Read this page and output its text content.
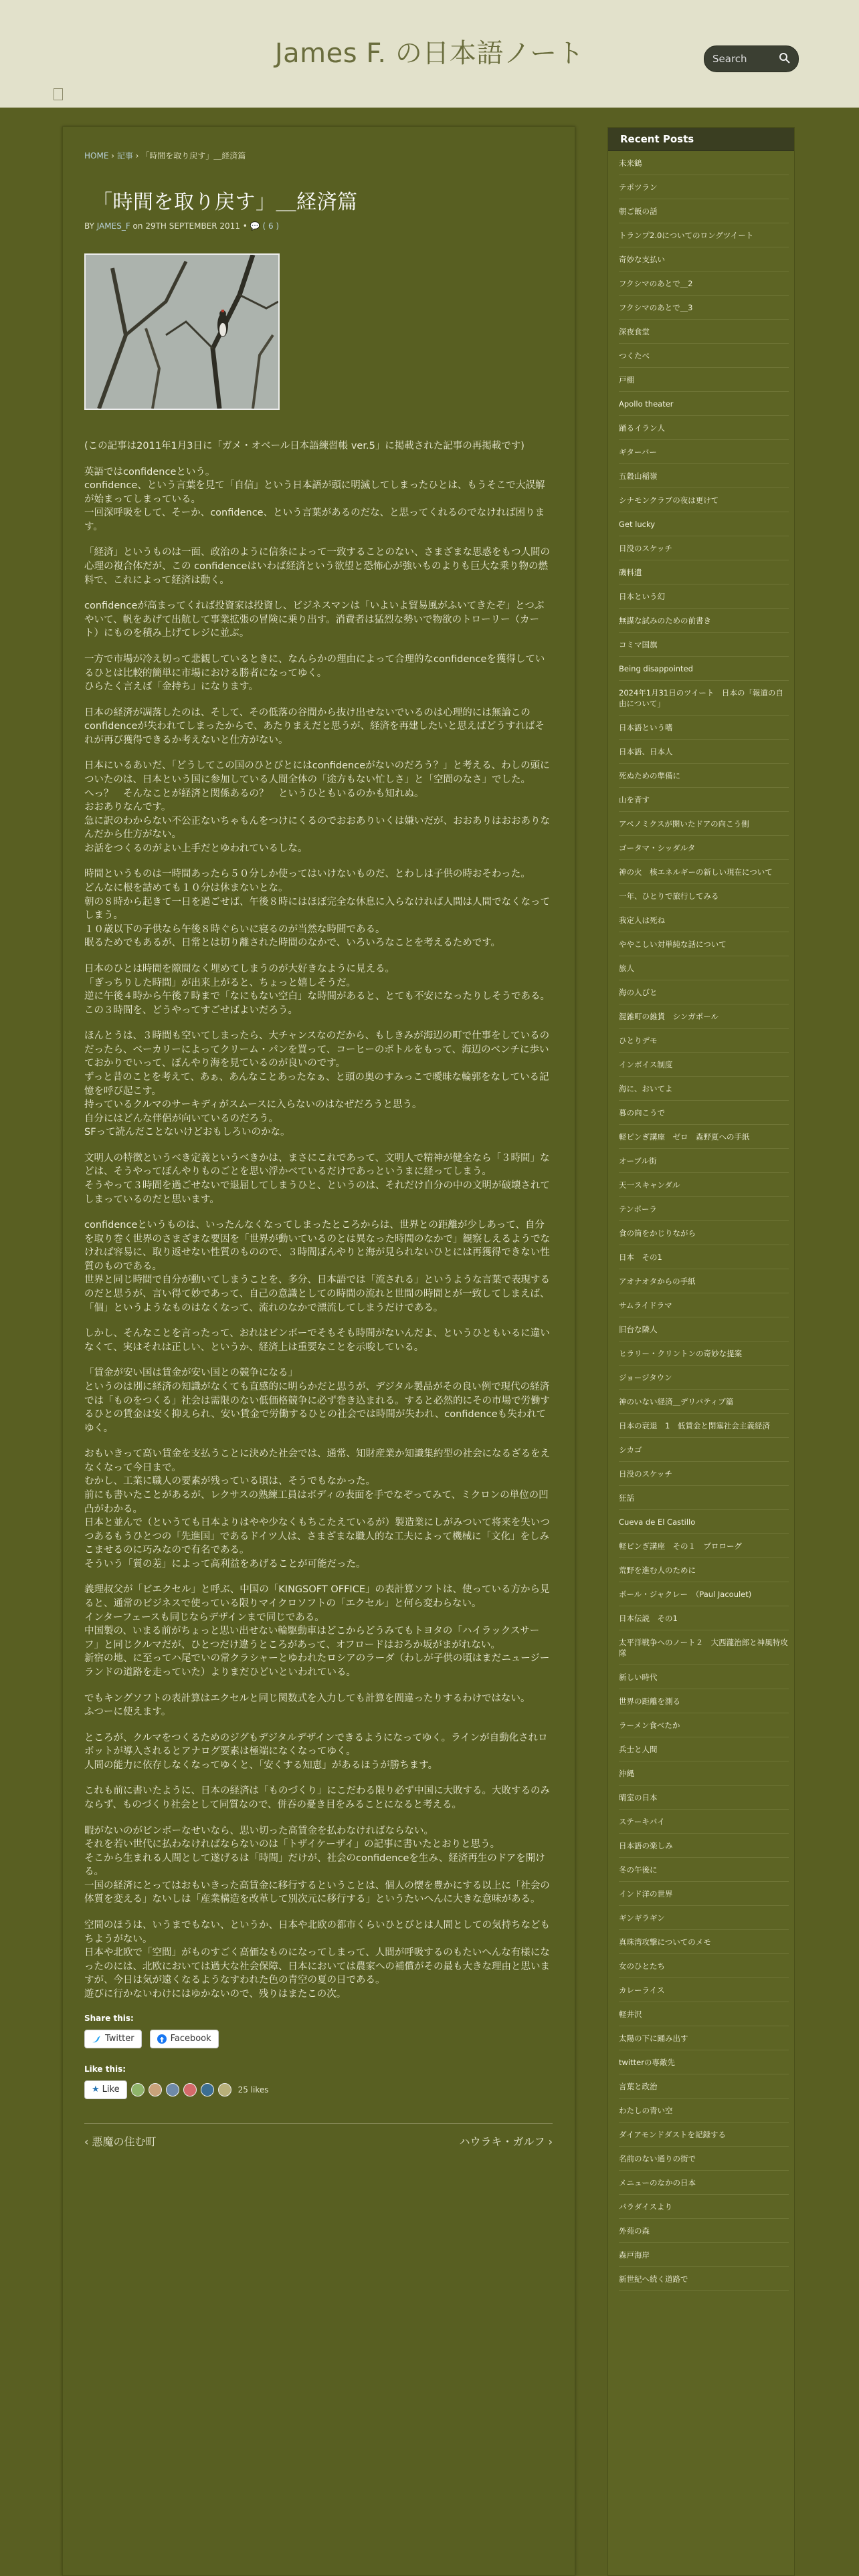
James F. の日本語ノート
Search
HOME › 記事 › 「時間を取り戻す」＿経済篇
「時間を取り戻す」＿経済篇
BY JAMES_F on 29TH SEPTEMBER 2011 • 💬 ( 6 )

(この記事は2011年1月3日に「ガメ・オベール日本語練習帳 ver.5」に掲載された記事の再掲載です)

英語ではconfidenceという。
confidence、という言葉を見て「自信」という日本語が頭に明滅してしまったひとは、もうそこで大誤解が始まってしまっている。
一回深呼吸をして、そーか、confidence、という言葉があるのだな、と思ってくれるのでなければ困ります。

「経済」というものは一面、政治のように信条によって一致することのない、さまざまな思惑をもつ人間の心理の複合体だが、この confidenceはいわば経済という欲望と恐怖心が強いものよりも巨大な乗り物の燃料で、これによって経済は動く。

confidenceが高まってくれば投資家は投資し、ビジネスマンは「いよいよ貿易風がふいてきたぞ」とつぶやいて、帆をあげて出航して事業拡張の冒険に乗り出す。消費者は猛烈な勢いで物欲のトローリー（カート）にものを積み上げてレジに並ぶ。

一方で市場が冷え切って悲観しているときに、なんらかの理由によって合理的なconfidenceを獲得しているひとは比較的簡単に市場における勝者になってゆく。
ひらたく言えば「金持ち」になります。

日本の経済が凋落したのは、そして、その低落の谷間から抜け出せないでいるのは心理的には無論このconfidenceが失われてしまったからで、あたりまえだと思うが、経済を再建したいと思えばどうすればそれが再び獲得できるか考えないと仕方がない。

日本にいるあいだ、「どうしてこの国のひとびとにはconfidenceがないのだろう？」と考える、わしの頭についたのは、日本という国に参加している人間全体の「途方もない忙しさ」と「空間のなさ」でした。
へっ？　そんなことが経済と関係あるの？　というひともいるのかも知れぬ。
おおありなんです。
急に訳のわからない不公正ないちゃもんをつけにくるのでおおありいくは嫌いだが、おおありはおおありなんだから仕方がない。
お話をつくるのがよい上手だとゆわれているしな。

時間というものは一時間あったら５０分しか使ってはいけないものだ、とわしは子供の時おそわった。
どんなに根を詰めても１０分は休まないとな。
朝の８時から起きて一日を過ごせば、午後８時にはほぼ完全な休息に入らなければ人間は人間でなくなってしまう。
１０歳以下の子供なら午後８時ぐらいに寝るのが当然な時間である。
眠るためでもあるが、日常とは切り離された時間のなかで、いろいろなことを考えるためです。

日本のひとは時間を隙間なく埋めてしまうのが大好きなように見える。
「ぎっちりした時間」が出来上がると、ちょっと嬉しそうだ。
逆に午後４時から午後７時まで「なにもない空白」な時間があると、とても不安になったりしそうである。
この３時間を、どうやってすごせばよいだろう。

ほんとうは、３時間も空いてしまったら、大チャンスなのだから、もしきみが海辺の町で仕事をしているのだったら、ベーカリーによってクリーム・パンを買って、コーヒーのボトルをもって、海辺のベンチに歩いておかりでいって、ぼんやり海を見ているのが良いのです。
ずっと昔のことを考えて、あぁ、あんなことあったなぁ、と頭の奥のすみっこで曖昧な輪郭をなしている記憶を呼び起こす。
持っているクルマのサーキディがスムースに入らないのはなぜだろうと思う。
自分にはどんな伴侶が向いているのだろう。
SFって読んだことないけどおもしろいのかな。

文明人の特徴というべき定義というべきかは、まさにこれであって、文明人で精神が健全なら「３時間」などは、そうやってぼんやりものごとを思い浮かべているだけであっというまに経ってしまう。
そうやって３時間を過ごせないで退屈してしまうひと、というのは、それだけ自分の中の文明が破壊されてしまっているのだと思います。

confidenceというものは、いったんなくなってしまったところからは、世界との距離が少しあって、自分を取り巻く世界のさまざまな要因を「世界が動いているのとは異なった時間のなかで」観察しえるようでなければ容易に、取り返せない性質のものので、３時間ぼんやりと海が見られないひとには再獲得できない性質のものである。
世界と同じ時間で自分が動いてしまうことを、多分、日本語では「流される」というような言葉で表現するのだと思うが、言い得て妙であって、自己の意識としての時間の流れと世間の時間とが一致してしまえば、「個」というようなものはなくなって、流れのなかで漂流してしまうだけである。

しかし、そんなことを言ったって、おれはビンボーでそもそも時間がないんだよ、というひともいるに違いなくて、実はそれは正しい、というか、経済上は重要なことを示唆している。

「賃金が安い国は賃金が安い国との競争になる」
というのは別に経済の知識がなくても直感的に明らかだと思うが、デジタル製品がその良い例で現代の経済では「ものをつくる」社会は需限のない低価格競争に必ず巻き込まれる。すると必然的にその市場で労働するひとの賃金は安く抑えられ、安い賃金で労働するひとの社会では時間が失われ、confidenceも失われてゆく。

おもいきって高い賃金を支払うことに決めた社会では、通常、知財産業か知識集約型の社会になるざるをえなくなって今日まで。
むかし、工業に職人の要素が残っている頃は、そうでもなかった。
前にも書いたことがあるが、レクサスの熟練工員はボディの表面を手でなぞってみて、ミクロンの単位の凹凸がわかる。
日本と並んで（というても日本よりはやや少なくもちこたえているが）製造業にしがみついて将来を失いつつあるもうひとつの「先進国」であるドイツ人は、さまざまな職人的な工夫によって機械に「文化」をしみこませるのに巧みなので有名である。
そういう「質の差」によって高利益をあげることが可能だった。

義理叔父が「ビエクセル」と呼ぶ、中国の「KINGSOFT OFFICE」の表計算ソフトは、使っている方から見ると、通常のビジネスで使っている限りマイクロソフトの「エクセル」と何ら変わらない。
インターフェースも同じならデザインまで同じである。
中国製の、いまる前がちょっと思い出せない輪駆動車はどこからどうみてもトヨタの「ハイラックスサーフ」と同じクルマだが、ひとつだけ違うところがあって、オフロードはおろか坂がまがれない。
新宿の地、に至ってハ尾でいの常クラシャーとゆわれたロシアのラーダ（わしが子供の頃はまだニュージーランドの道路を走っていた）よりまだひどいといわれている。

でもキングソフトの表計算はエクセルと同じ関数式を入力しても計算を間違ったりするわけではない。
ふつーに使えます。

ところが、クルマをつくるためのジグもデジタルデザインできるようになってゆく。ラインが自動化されロボットが導入されるとアナログ要素は極端になくなってゆく。
人間の能力に依存しなくなってゆくと、「安くする知恵」があるほうが勝ちます。

これも前に書いたように、日本の経済は「ものづくり」にこだわる限り必ず中国に大敗する。大敗するのみならず、ものづくり社会として同質なので、併吞の憂き目をみることになると考える。

暇がないのがビンボーなせいなら、思い切った高賃金を払わなければならない。
それを若い世代に払わなければならないのは「トザイケーザイ」の記事に書いたとおりと思う。
そこから生まれる人間として遂げるは「時間」だけが、社会のconfidenceを生み、経済再生のドアを開ける。
一国の経済にとってはおもいきった高賃金に移行するということは、個人の懐を豊かにする以上に「社会の体質を変える」ないしは「産業構造を改革して別次元に移行する」というたいへんに大きな意味がある。

空間のほうは、いうまでもない、というか、日本や北欧の都市くらいひとびとは人間としての気持ちなどもちようがない。
日本や北欧で「空間」がものすごく高価なものになってしまって、人間が呼吸するのもたいへんな有様になったのには、北欧においては過大な社会保障、日本においては農家への補償がその最も大きな理由と思いますが、今日は気が遠くなるようなすわれた色の青空の夏の日である。
遊びに行かないわけにはゆかないので、残りはまたこの次。

Share this:
Twitter	Facebook
Like this:
★ Like	25 likes
‹ 悪魔の住む町	ハウラキ・ガルフ ›
Recent Posts
未来鶴
テポツラン
朝ご飯の話
トランプ2.0についてのロングツイート
奇妙な支払い
フクシマのあとで＿2
フクシマのあとで＿3
深夜食堂
つくたべ
戸棚
Apollo theater
踊るイラン人
ギターバー
五穀山稲嶺
シナモンクラブの夜は更けて
Get lucky
日没のスケッチ
磯料遺
日本という幻
無謀な試みのための前書き
コミマ国旗
Being disappointed
2024年1月31日のツイート　日本の「報道の自由について」
日本語という嗜
日本語、日本人
死ぬための準備に
山を背す
アペノミクスが開いたドアの向こう側
ゴータマ・シッダルタ
神の火　核エネルギーの新しい現在について
一年、ひとりで旅行してみる
我定人は死ね
ややこしい対単純な話について
旅人
海の人びと
混雑町の雑貨　シンガポール
ひとりデモ
インボイス制度
海に、おいてよ
暮の向こうで
軽ピンぎ講座　ゼロ　森野夏への手紙
オーブル街
天一スキャンダル
テンポーラ
食の筒をかじりながら
日本　その1
アオナオタからの手紙
サムライドラマ
旧台な隣人
ヒラリー・クリントンの奇妙な提案
ジョージタウン
神のいない経済＿デリバティブ篇
日本の衰退　1　低賃金と閉塞社会主義経済
シカゴ
日没のスケッチ
狂話
Cueva de El Castillo
軽ピンぎ講座　その１　プロローグ
荒野を進む人のために
ポール・ジャクレー　（Paul Jacoulet)
日本伝説　その1
太平洋戦争へのノート２　大西瀧治郎と神風特攻隊
新しい時代
世界の距離を測る
ラーメン食べたか
兵士と人間
沖縄
晴室の日本
ステーキパイ
日本語の楽しみ
冬の午後に
インド洋の世界
ギンギラギン
真珠湾攻撃についてのメモ
女のひとたち
カレーライス
軽井沢
太陽の下に踊み出す
twitterの専敵先
言葉と政治
わたしの青い空
ダイアモンドダストを記録する
名前のない通りの街で
メニューのなかの日本
パラダイスより
外苑の森
森戸海岸
新世紀へ続く道路で
